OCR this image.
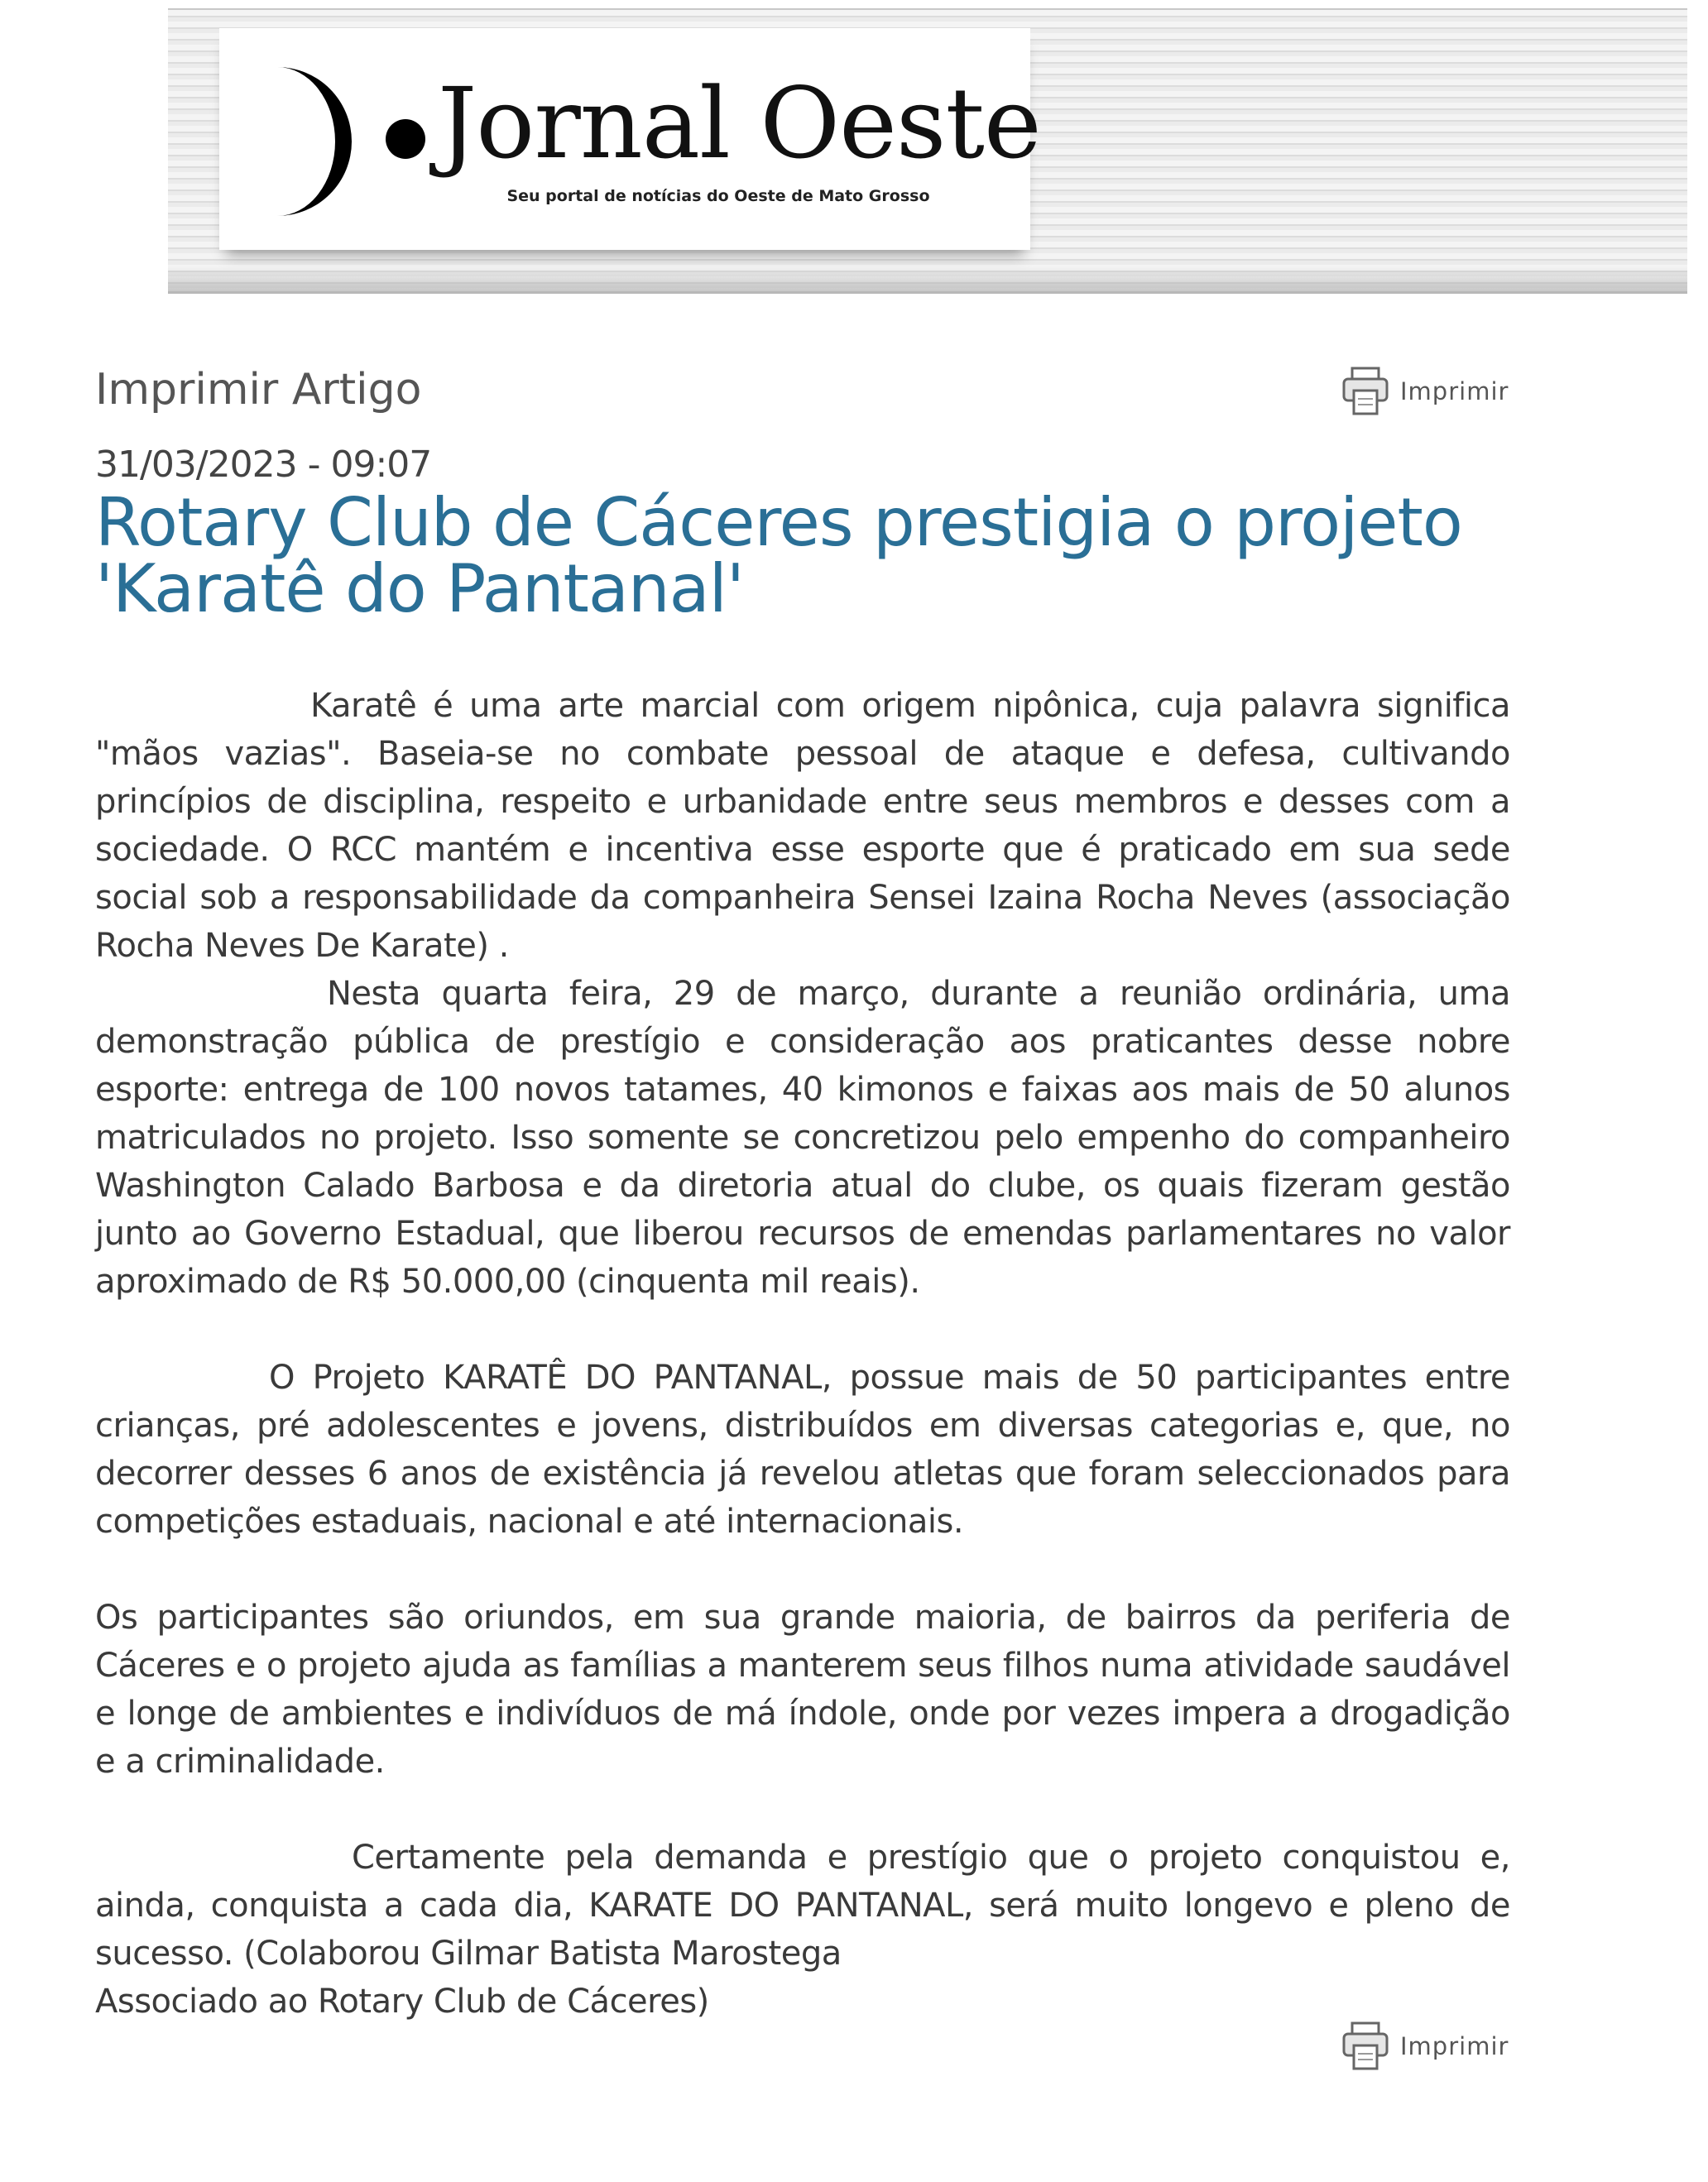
Jornal Oeste
Seu portal de notícias do Oeste de Mato Grosso
Imprimir Artigo	Imprimir
31/03/2023 - 09:07
Rotary Club de Cáceres prestigia o projeto 'Karatê do Pantanal'

Karatê é uma arte marcial com origem nipônica, cuja palavra significa "mãos vazias". Baseia-se no combate pessoal de ataque e defesa, cultivando princípios de disciplina, respeito e urbanidade entre seus membros e desses com a sociedade. O RCC mantém e incentiva esse esporte que é praticado em sua sede social sob a responsabilidade da companheira Sensei Izaina Rocha Neves (associação Rocha Neves De Karate) .

Nesta quarta feira, 29 de março, durante a reunião ordinária, uma demonstração pública de prestígio e consideração aos praticantes desse nobre esporte: entrega de 100 novos tatames, 40 kimonos e faixas aos mais de 50 alunos matriculados no projeto. Isso somente se concretizou pelo empenho do companheiro Washington Calado Barbosa e da diretoria atual do clube, os quais fizeram gestão junto ao Governo Estadual, que liberou recursos de emendas parlamentares no valor aproximado de R$ 50.000,00 (cinquenta mil reais).

O Projeto KARATÊ DO PANTANAL, possue mais de 50 participantes entre crianças, pré adolescentes e jovens, distribuídos em diversas categorias e, que, no decorrer desses 6 anos de existência já revelou atletas que foram seleccionados para competições estaduais, nacional e até internacionais.

Os participantes são oriundos, em sua grande maioria, de bairros da periferia de Cáceres e o projeto ajuda as famílias a manterem seus filhos numa atividade saudável e longe de ambientes e indivíduos de má índole, onde por vezes impera a drogadição e a criminalidade.

Certamente pela demanda e prestígio que o projeto conquistou e, ainda, conquista a cada dia, KARATE DO PANTANAL, será muito longevo e pleno de sucesso. (Colaborou Gilmar Batista Marostega

Associado ao Rotary Club de Cáceres)

Imprimir
